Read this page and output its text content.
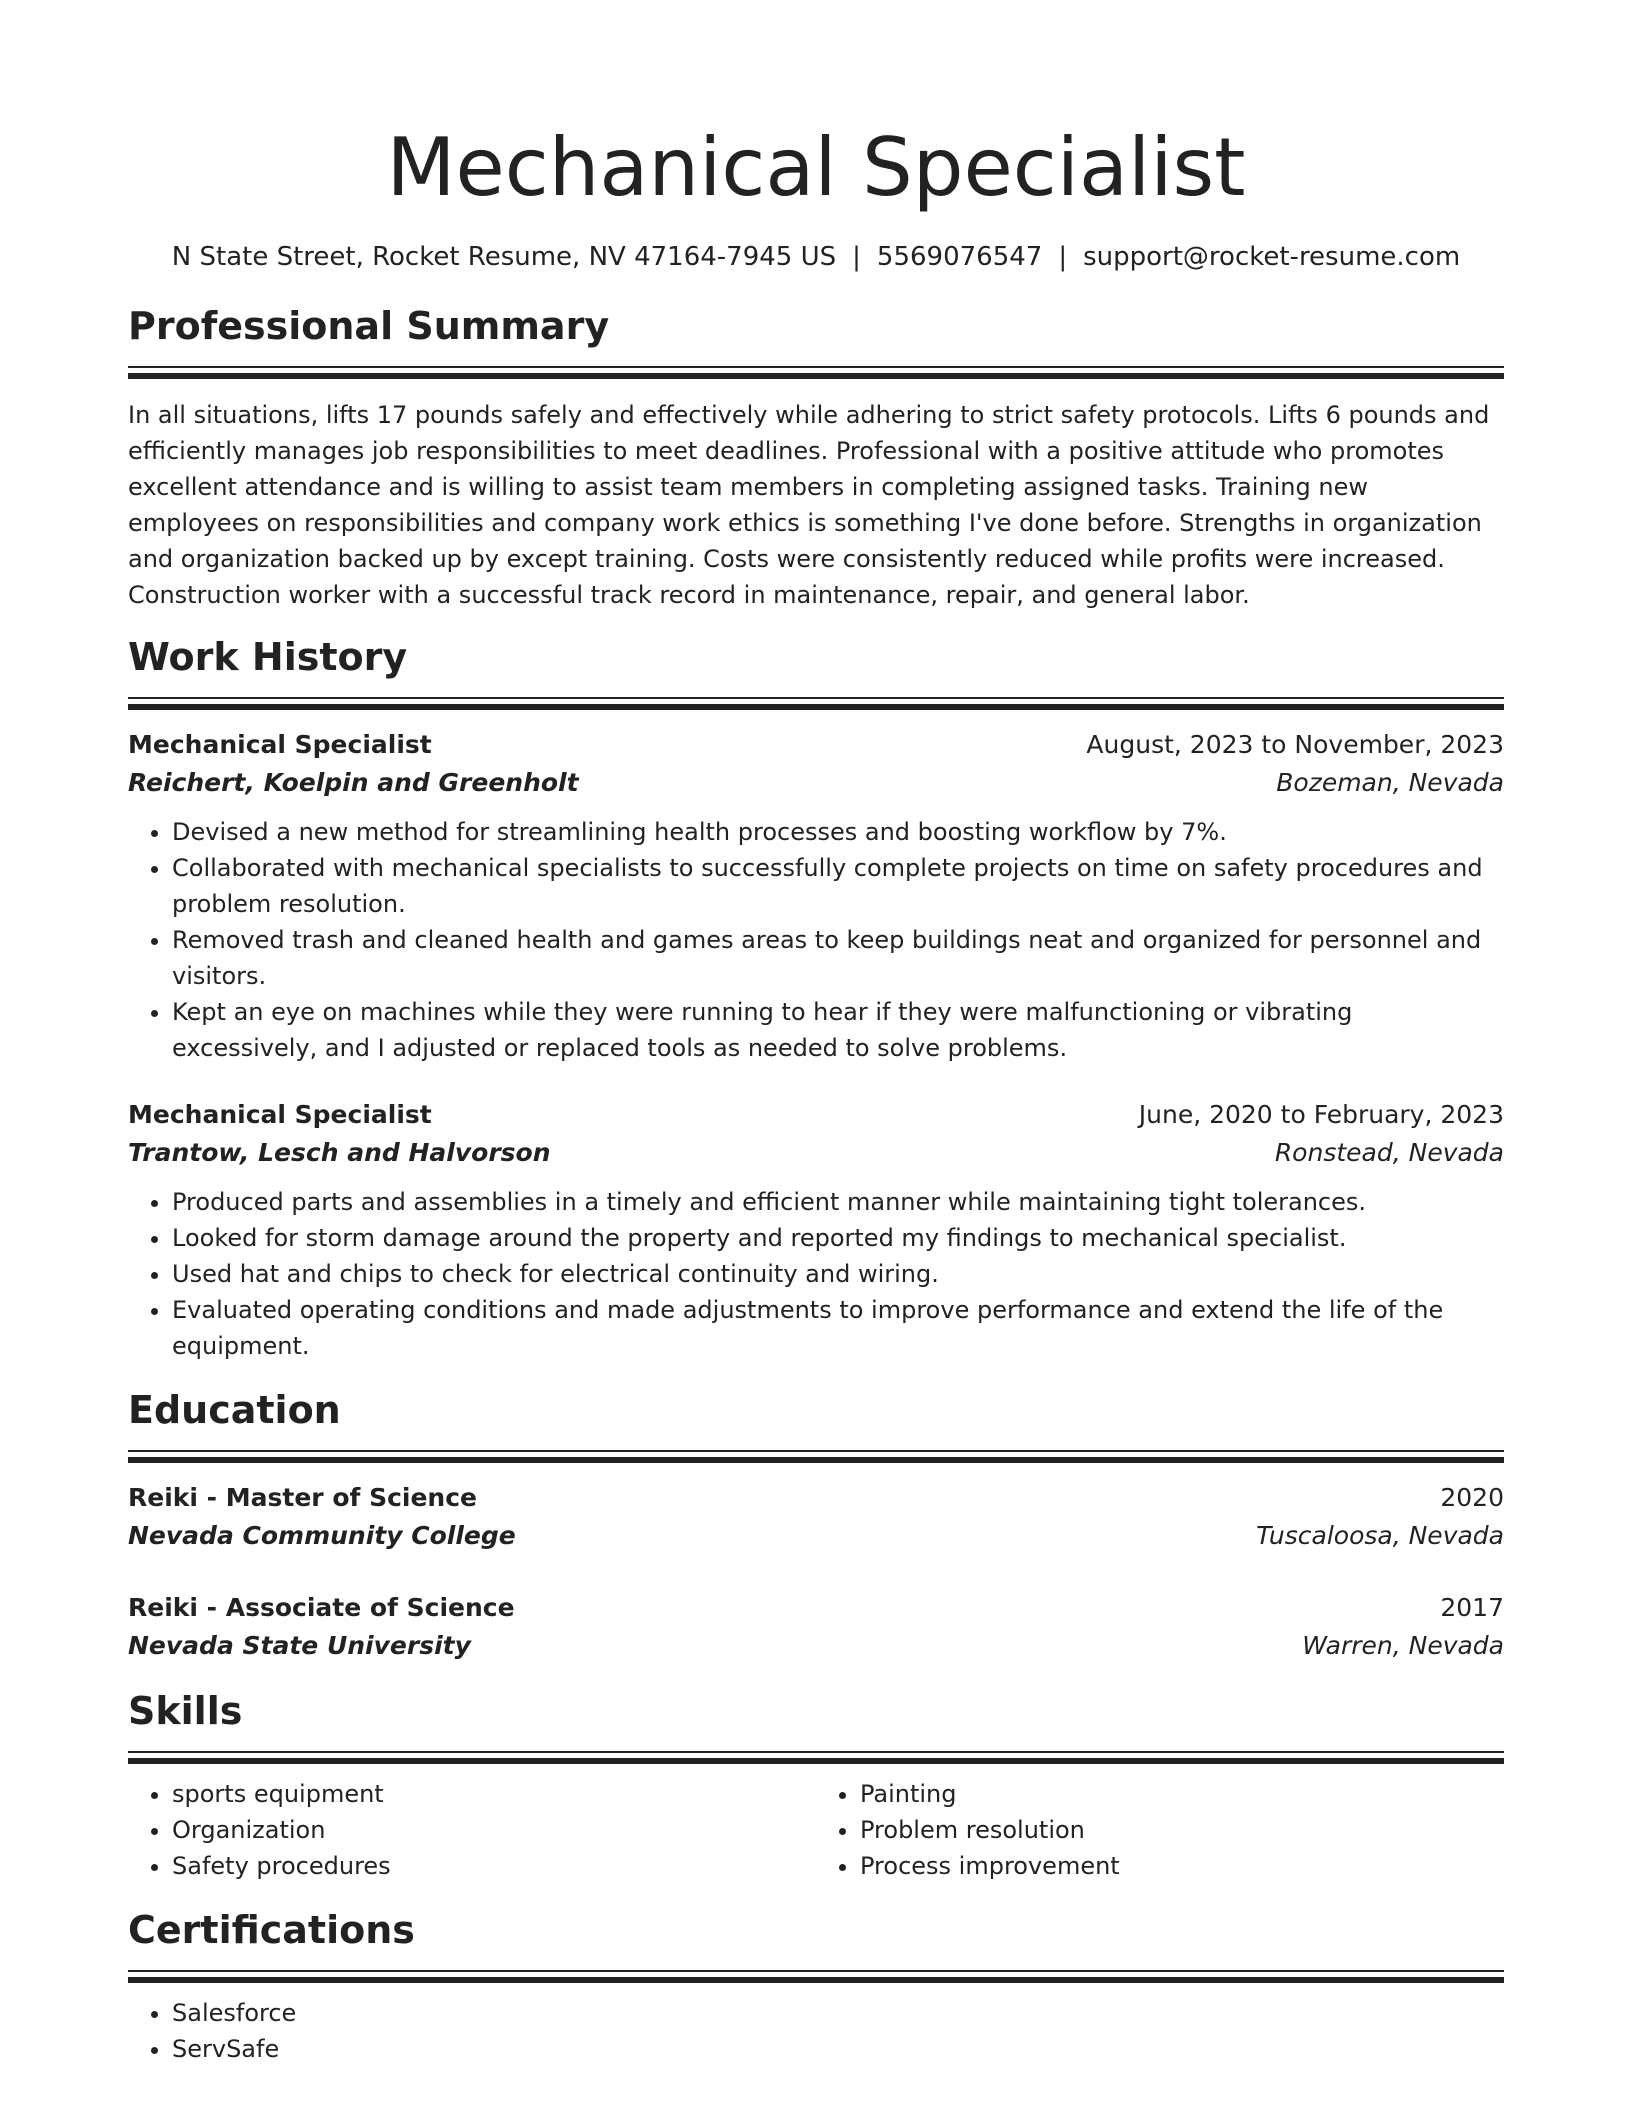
Mechanical Specialist
N State Street, Rocket Resume, NV 47164-7945 US | 5569076547 | support@rocket-resume.com
Professional Summary

In all situations, lifts 17 pounds safely and effectively while adhering to strict safety protocols. Lifts 6 pounds and efficiently manages job responsibilities to meet deadlines. Professional with a positive attitude who promotes excellent attendance and is willing to assist team members in completing assigned tasks. Training new employees on responsibilities and company work ethics is something I've done before. Strengths in organization and organization backed up by except training. Costs were consistently reduced while profits were increased. Construction worker with a successful track record in maintenance, repair, and general labor.

Work History
Mechanical Specialist	August, 2023 to November, 2023
Reichert, Koelpin and Greenholt	Bozeman, Nevada
• Devised a new method for streamlining health processes and boosting workflow by 7%.
• Collaborated with mechanical specialists to successfully complete projects on time on safety procedures and problem resolution.
• Removed trash and cleaned health and games areas to keep buildings neat and organized for personnel and visitors.
• Kept an eye on machines while they were running to hear if they were malfunctioning or vibrating excessively, and I adjusted or replaced tools as needed to solve problems.
Mechanical Specialist	June, 2020 to February, 2023
Trantow, Lesch and Halvorson	Ronstead, Nevada
• Produced parts and assemblies in a timely and efficient manner while maintaining tight tolerances.
• Looked for storm damage around the property and reported my findings to mechanical specialist.
• Used hat and chips to check for electrical continuity and wiring.
• Evaluated operating conditions and made adjustments to improve performance and extend the life of the equipment.
Education
Reiki - Master of Science	2020
Nevada Community College	Tuscaloosa, Nevada
Reiki - Associate of Science	2017
Nevada State University	Warren, Nevada
Skills
• sports equipment
• Organization
• Safety procedures
• Painting
• Problem resolution
• Process improvement
Certifications
• Salesforce
• ServSafe
